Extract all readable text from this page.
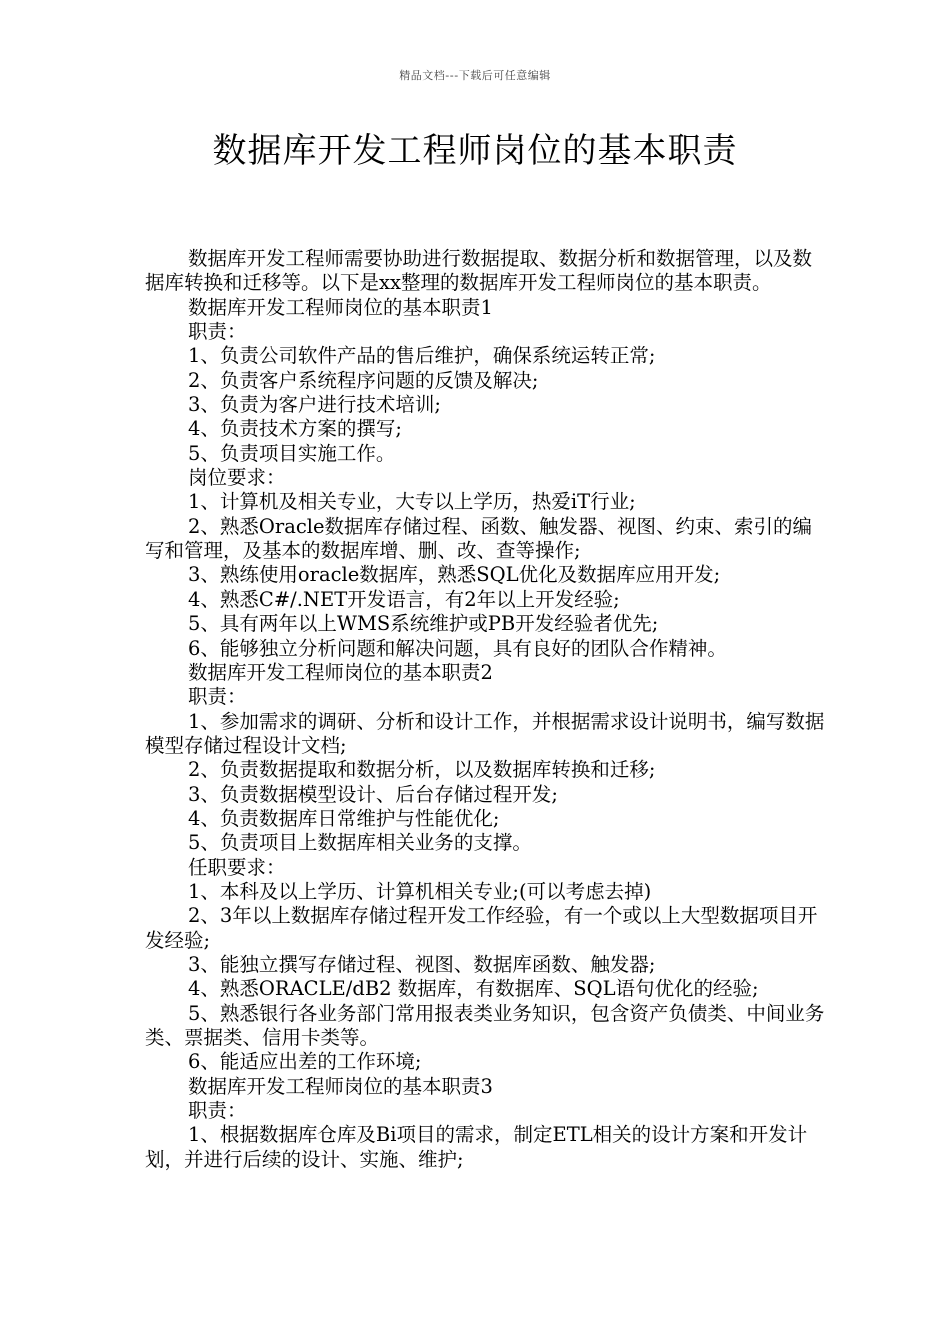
精品文档---下载后可任意编辑
数据库开发工程师岗位的基本职责

数据库开发工程师需要协助进行数据提取、数据分析和数据管理，以及数据库转换和迁移等。以下是xx整理的数据库开发工程师岗位的基本职责。

数据库开发工程师岗位的基本职责1

职责：

1、负责公司软件产品的售后维护，确保系统运转正常;

2、负责客户系统程序问题的反馈及解决;

3、负责为客户进行技术培训;

4、负责技术方案的撰写;

5、负责项目实施工作。

岗位要求：

1、计算机及相关专业，大专以上学历，热爱iT行业;

2、熟悉Oracle数据库存储过程、函数、触发器、视图、约束、索引的编写和管理，及基本的数据库增、删、改、查等操作;

3、熟练使用oracle数据库，熟悉SQL优化及数据库应用开发;

4、熟悉C#/.NET开发语言，有2年以上开发经验;

5、具有两年以上WMS系统维护或PB开发经验者优先;

6、能够独立分析问题和解决问题，具有良好的团队合作精神。

数据库开发工程师岗位的基本职责2

职责：

1、参加需求的调研、分析和设计工作，并根据需求设计说明书，编写数据模型存储过程设计文档;

2、负责数据提取和数据分析，以及数据库转换和迁移;

3、负责数据模型设计、后台存储过程开发;

4、负责数据库日常维护与性能优化;

5、负责项目上数据库相关业务的支撑。

任职要求：

1、本科及以上学历、计算机相关专业;(可以考虑去掉)

2、3年以上数据库存储过程开发工作经验，有一个或以上大型数据项目开发经验;

3、能独立撰写存储过程、视图、数据库函数、触发器;

4、熟悉ORACLE/dB2 数据库，有数据库、SQL语句优化的经验;

5、熟悉银行各业务部门常用报表类业务知识，包含资产负债类、中间业务类、票据类、信用卡类等。

6、能适应出差的工作环境;

数据库开发工程师岗位的基本职责3

职责：

1、根据数据库仓库及Bi项目的需求，制定ETL相关的设计方案和开发计划，并进行后续的设计、实施、维护;
